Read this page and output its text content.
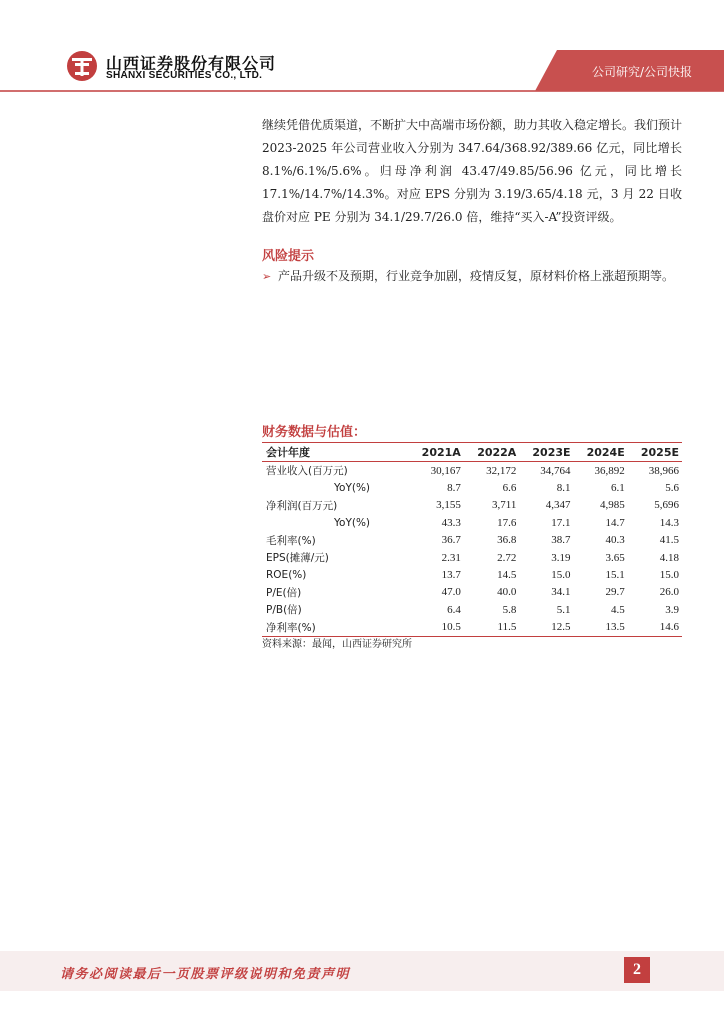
山西证券股份有限公司
SHANXI SECURITIES CO., LTD.	公司研究/公司快报
继续凭借优质渠道，不断扩大中高端市场份额，助力其收入稳定增长。我们预计 2023-2025 年公司营业收入分别为 347.64/368.92/389.66 亿元，同比增长 8.1%/6.1%/5.6%。归母净利润 43.47/49.85/56.96 亿元，同比增长 17.1%/14.7%/14.3%。对应 EPS 分别为 3.19/3.65/4.18 元，3 月 22 日收盘价对应 PE 分别为 34.1/29.7/26.0 倍，维持“买入-A”投资评级。
风险提示
➢ 产品升级不及预期，行业竞争加剧，疫情反复，原材料价格上涨超预期等。
财务数据与估值：
会计年度	2021A	2022A	2023E	2024E	2025E
营业收入(百万元)	30,167	32,172	34,764	36,892	38,966
YoY(%)	8.7	6.6	8.1	6.1	5.6
净利润(百万元)	3,155	3,711	4,347	4,985	5,696
YoY(%)	43.3	17.6	17.1	14.7	14.3
毛利率(%)	36.7	36.8	38.7	40.3	41.5
EPS(摊薄/元)	2.31	2.72	3.19	3.65	4.18
ROE(%)	13.7	14.5	15.0	15.1	15.0
P/E(倍)	47.0	40.0	34.1	29.7	26.0
P/B(倍)	6.4	5.8	5.1	4.5	3.9
净利率(%)	10.5	11.5	12.5	13.5	14.6
资料来源：最闻，山西证券研究所
请务必阅读最后一页股票评级说明和免责声明	2
